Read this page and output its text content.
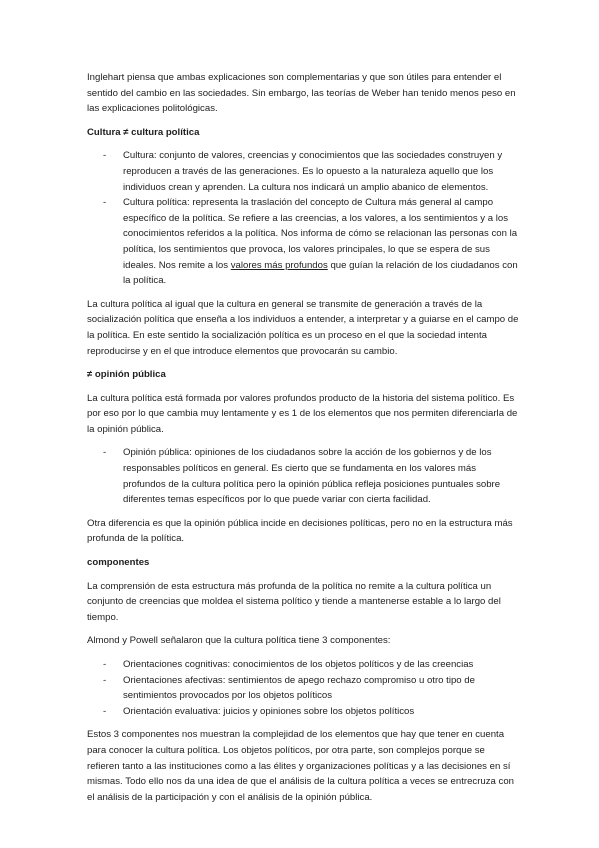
Inglehart piensa que ambas explicaciones son complementarias y que son útiles para entender el sentido del cambio en las sociedades. Sin embargo, las teorías de Weber han tenido menos peso en las explicaciones politológicas.

Cultura ≠ cultura política

- Cultura: conjunto de valores, creencias y conocimientos que las sociedades construyen y reproducen a través de las generaciones. Es lo opuesto a la naturaleza aquello que los individuos crean y aprenden. La cultura nos indicará un amplio abanico de elementos.
- Cultura política: representa la traslación del concepto de Cultura más general al campo específico de la política. Se refiere a las creencias, a los valores, a los sentimientos y a los conocimientos referidos a la política. Nos informa de cómo se relacionan las personas con la política, los sentimientos que provoca, los valores principales, lo que se espera de sus ideales. Nos remite a los valores más profundos que guían la relación de los ciudadanos con la política.

La cultura política al igual que la cultura en general se transmite de generación a través de la socialización política que enseña a los individuos a entender, a interpretar y a guiarse en el campo de la política. En este sentido la socialización política es un proceso en el que la sociedad intenta reproducirse y en el que introduce elementos que provocarán su cambio.

≠ opinión pública

La cultura política está formada por valores profundos producto de la historia del sistema político. Es por eso por lo que cambia muy lentamente y es 1 de los elementos que nos permiten diferenciarla de la opinión pública.

- Opinión pública: opiniones de los ciudadanos sobre la acción de los gobiernos y de los responsables políticos en general. Es cierto que se fundamenta en los valores más profundos de la cultura política pero la opinión pública refleja posiciones puntuales sobre diferentes temas específicos por lo que puede variar con cierta facilidad.

Otra diferencia es que la opinión pública incide en decisiones políticas, pero no en la estructura más profunda de la política.

componentes

La comprensión de esta estructura más profunda de la política no remite a la cultura política un conjunto de creencias que moldea el sistema político y tiende a mantenerse estable a lo largo del tiempo.

Almond y Powell señalaron que la cultura política tiene 3 componentes:

- Orientaciones cognitivas: conocimientos de los objetos políticos y de las creencias
- Orientaciones afectivas: sentimientos de apego rechazo compromiso u otro tipo de sentimientos provocados por los objetos políticos
- Orientación evaluativa: juicios y opiniones sobre los objetos políticos

Estos 3 componentes nos muestran la complejidad de los elementos que hay que tener en cuenta para conocer la cultura política. Los objetos políticos, por otra parte, son complejos porque se refieren tanto a las instituciones como a las élites y organizaciones políticas y a las decisiones en sí mismas. Todo ello nos da una idea de que el análisis de la cultura política a veces se entrecruza con el análisis de la participación y con el análisis de la opinión pública.
